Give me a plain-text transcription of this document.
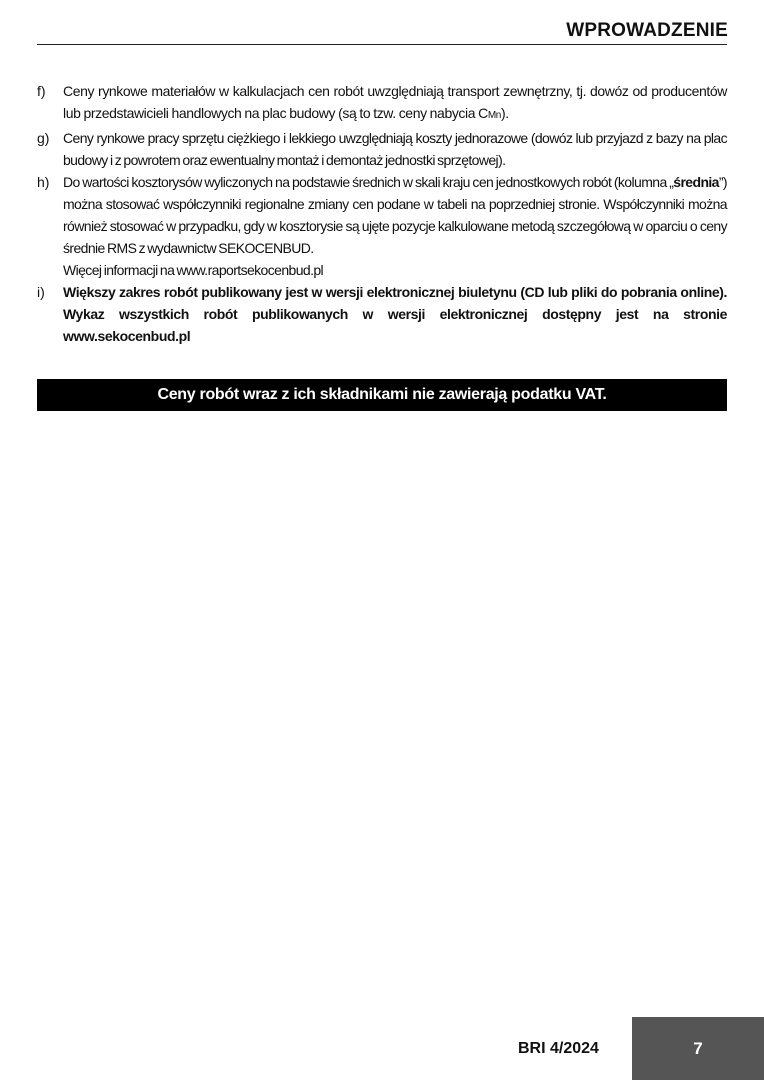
WPROWADZENIE
f) Ceny rynkowe materiałów w kalkulacjach cen robót uwzględniają transport zewnętrzny, tj. dowóz od producentów lub przedstawicieli handlowych na plac budowy (są to tzw. ceny nabycia CMn).
g) Ceny rynkowe pracy sprzętu ciężkiego i lekkiego uwzględniają koszty jednorazowe (dowóz lub przyjazd z bazy na plac budowy i z powrotem oraz ewentualny montaż i demontaż jednostki sprzętowej).
h) Do wartości kosztorysów wyliczonych na podstawie średnich w skali kraju cen jednostkowych robót (kolumna „średnia”) można stosować współczynniki regionalne zmiany cen podane w tabeli na poprzedniej stronie. Współczynniki można również stosować w przypadku, gdy w kosztorysie są ujęte pozycje kalkulowane metodą szczegółową w oparciu o ceny średnie RMS z wydawnictw SEKOCENBUD.
Więcej informacji na www.raportsekocenbud.pl
i) Większy zakres robót publikowany jest w wersji elektronicznej biuletynu (CD lub pliki do pobrania online). Wykaz wszystkich robót publikowanych w wersji elektronicznej dostępny jest na stronie www.sekocenbud.pl
Ceny robót wraz z ich składnikami nie zawierają podatku VAT.
BRI 4/2024	7
